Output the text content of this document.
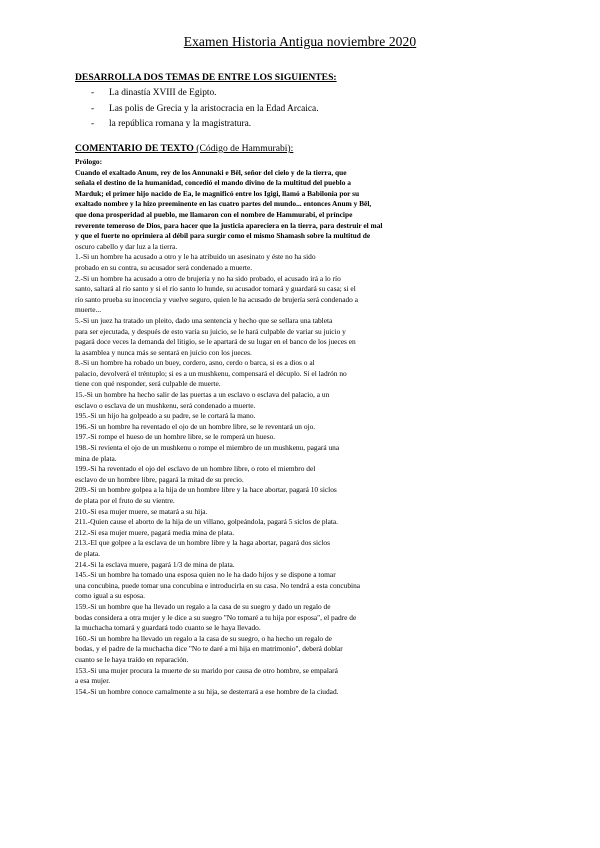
Examen Historia Antigua noviembre 2020
DESARROLLA DOS TEMAS DE ENTRE LOS SIGUIENTES:
- La dinastía XVIII de Egipto.
- Las polis de Grecia y la aristocracia en la Edad Arcaica.
- la república romana y la magistratura.
COMENTARIO DE TEXTO (Código de Hammurabi):
Prólogo:
Cuando el exaltado Anum, rey de los Annunaki e Bēl, señor del cielo y de la tierra, que
señala el destino de la humanidad, concedió el mando divino de la multitud del pueblo a
Marduk; el primer hijo nacido de Ea, le magnificó entre los Igigi, llamó a Babilonia por su
exaltado nombre y la hizo preeminente en las cuatro partes del mundo... entonces Anum y Bēl,
que dona prosperidad al pueblo, me llamaron con el nombre de Hammurabi, el príncipe
reverente temeroso de Dios, para hacer que la justicia apareciera en la tierra, para destruir el mal
y que el fuerte no oprimiera al débil para surgir como el mismo Shamash sobre la multitud de
oscuro cabello y dar luz a la tierra.
1.-Si un hombre ha acusado a otro y le ha atribuido un asesinato y éste no ha sido
probado en su contra, su acusador será condenado a muerte.
2.-Si un hombre ha acusado a otro de brujería y no ha sido probado, el acusado irá a lo río
santo, saltará al río santo y si el río santo lo hunde, su acusador tomará y guardará su casa; si el
río santo prueba su inocencia y vuelve seguro, quien le ha acusado de brujería será condenado a
muerte...
5.-Si un juez ha tratado un pleito, dado una sentencia y hecho que se sellara una tableta
para ser ejecutada, y después de esto varía su juicio, se le hará culpable de variar su juicio y
pagará doce veces la demanda del litigio, se le apartará de su lugar en el banco de los jueces en
la asamblea y nunca más se sentará en juicio con los jueces.
8.-Si un hombre ha robado un buey, cordero, asno, cerdo o barca, si es a dios o al
palacio, devolverá el tréntuplo; si es a un mushkenu, compensará el décuplo. Si el ladrón no
tiene con qué responder, será culpable de muerte.
15.-Si un hombre ha hecho salir de las puertas a un esclavo o esclava del palacio, a un
esclavo o esclava de un mushkenu, será condenado a muerte.
195.-Si un hijo ha golpeado a su padre, se le cortará la mano.
196.-Si un hombre ha reventado el ojo de un hombre libre, se le reventará un ojo.
197.-Si rompe el hueso de un hombre libre, se le romperá un hueso.
198.-Si revienta el ojo de un mushkenu o rompe el miembro de un mushkenu, pagará una
mina de plata.
199.-Si ha reventado el ojo del esclavo de un hombre libre, o roto el miembro del
esclavo de un hombre libre, pagará la mitad de su precio.
209.-Si un hombre golpea a la hija de un hombre libre y la hace abortar, pagará 10 siclos
de plata por el fruto de su vientre.
210.-Si esa mujer muere, se matará a su hija.
211.-Quien cause el aborto de la hija de un villano, golpeándola, pagará 5 siclos de plata.
212.-Si esa mujer muere, pagará media mina de plata.
213.-El que golpee a la esclava de un hombre libre y la haga abortar, pagará dos siclos
de plata.
214.-Si la esclava muere, pagará 1/3 de mina de plata.
145.-Si un hombre ha tomado una esposa quien no le ha dado hijos y se dispone a tomar
una concubina, puede tomar una concubina e introducirla en su casa. No tendrá a esta concubina
como igual a su esposa.
159.-Si un hombre que ha llevado un regalo a la casa de su suegro y dado un regalo de
bodas considera a otra mujer y le dice a su suegro "No tomaré a tu hija por esposa", el padre de
la muchacha tomará y guardará todo cuanto se le haya llevado.
160.-Si un hombre ha llevado un regalo a la casa de su suegro, o ha hecho un regalo de
bodas, y el padre de la muchacha dice "No te daré a mi hija en matrimonio", deberá doblar
cuanto se le haya traído en reparación.
153.-Si una mujer procura la muerte de su marido por causa de otro hombre, se empalará
a esa mujer.
154.-Si un hombre conoce carnalmente a su hija, se desterrará a ese hombre de la ciudad.
